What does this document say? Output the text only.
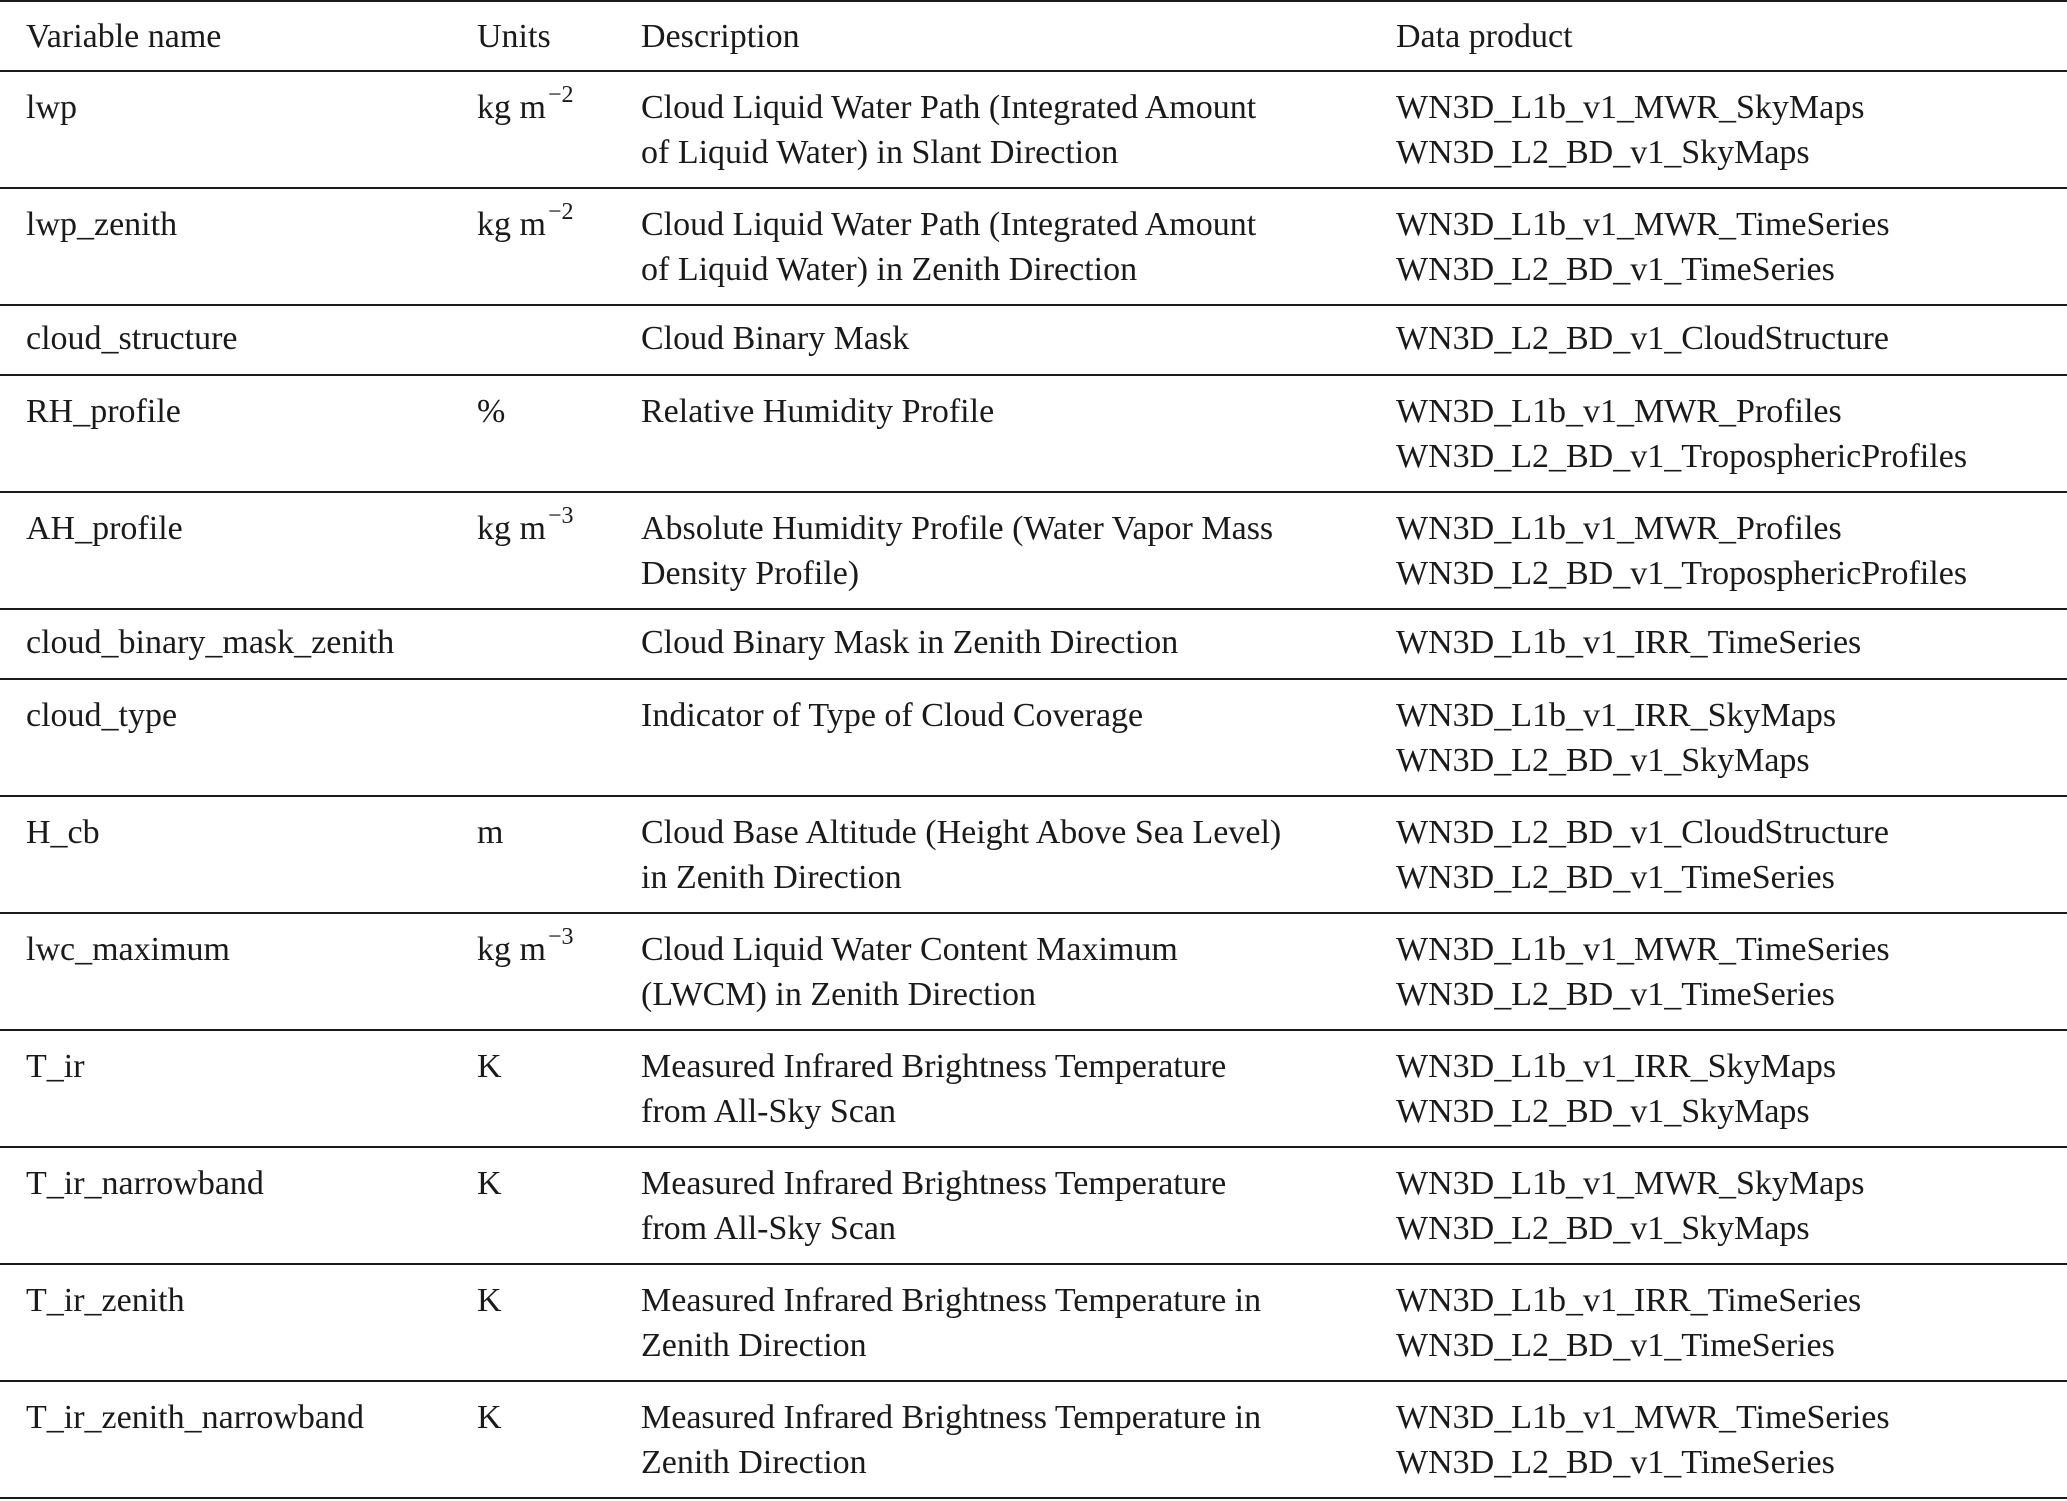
Variable name	Units	Description	Data product

lwp	kg $m^{-2}$	Cloud Liquid Water Path (Integrated Amount
of Liquid Water) in Slant Direction	WN3D_L1b_v1_MWR_SkyMaps
WN3D_L2_BD_v1_SkyMaps

lwp_zenith	kg $m^{-2}$	Cloud Liquid Water Path (Integrated Amount
of Liquid Water) in Zenith Direction	WN3D_L1b_v1_MWR_TimeSeries
WN3D_L2_BD_v1_TimeSeries

cloud_structure		Cloud Binary Mask	WN3D_L2_BD_v1_CloudStructure

RH_profile	%	Relative Humidity Profile	WN3D_L1b_v1_MWR_Profiles
WN3D_L2_BD_v1_TroposphericProfiles

AH_profile	kg $m^{-3}$	Absolute Humidity Profile (Water Vapor Mass
Density Profile)	WN3D_L1b_v1_MWR_Profiles
WN3D_L2_BD_v1_TroposphericProfiles

cloud_binary_mask_zenith		Cloud Binary Mask in Zenith Direction	WN3D_L1b_v1_IRR_TimeSeries

cloud_type		Indicator of Type of Cloud Coverage	WN3D_L1b_v1_IRR_SkyMaps
WN3D_L2_BD_v1_SkyMaps

H_cb	m	Cloud Base Altitude (Height Above Sea Level)
in Zenith Direction	WN3D_L2_BD_v1_CloudStructure
WN3D_L2_BD_v1_TimeSeries

lwc_maximum	kg $m^{-3}$	Cloud Liquid Water Content Maximum
(LWCM) in Zenith Direction	WN3D_L1b_v1_MWR_TimeSeries
WN3D_L2_BD_v1_TimeSeries

T_ir	K	Measured Infrared Brightness Temperature
from All-Sky Scan	WN3D_L1b_v1_IRR_SkyMaps
WN3D_L2_BD_v1_SkyMaps

T_ir_narrowband	K	Measured Infrared Brightness Temperature
from All-Sky Scan	WN3D_L1b_v1_MWR_SkyMaps
WN3D_L2_BD_v1_SkyMaps

T_ir_zenith	K	Measured Infrared Brightness Temperature in
Zenith Direction	WN3D_L1b_v1_IRR_TimeSeries
WN3D_L2_BD_v1_TimeSeries

T_ir_zenith_narrowband	K	Measured Infrared Brightness Temperature in
Zenith Direction	WN3D_L1b_v1_MWR_TimeSeries
WN3D_L2_BD_v1_TimeSeries
